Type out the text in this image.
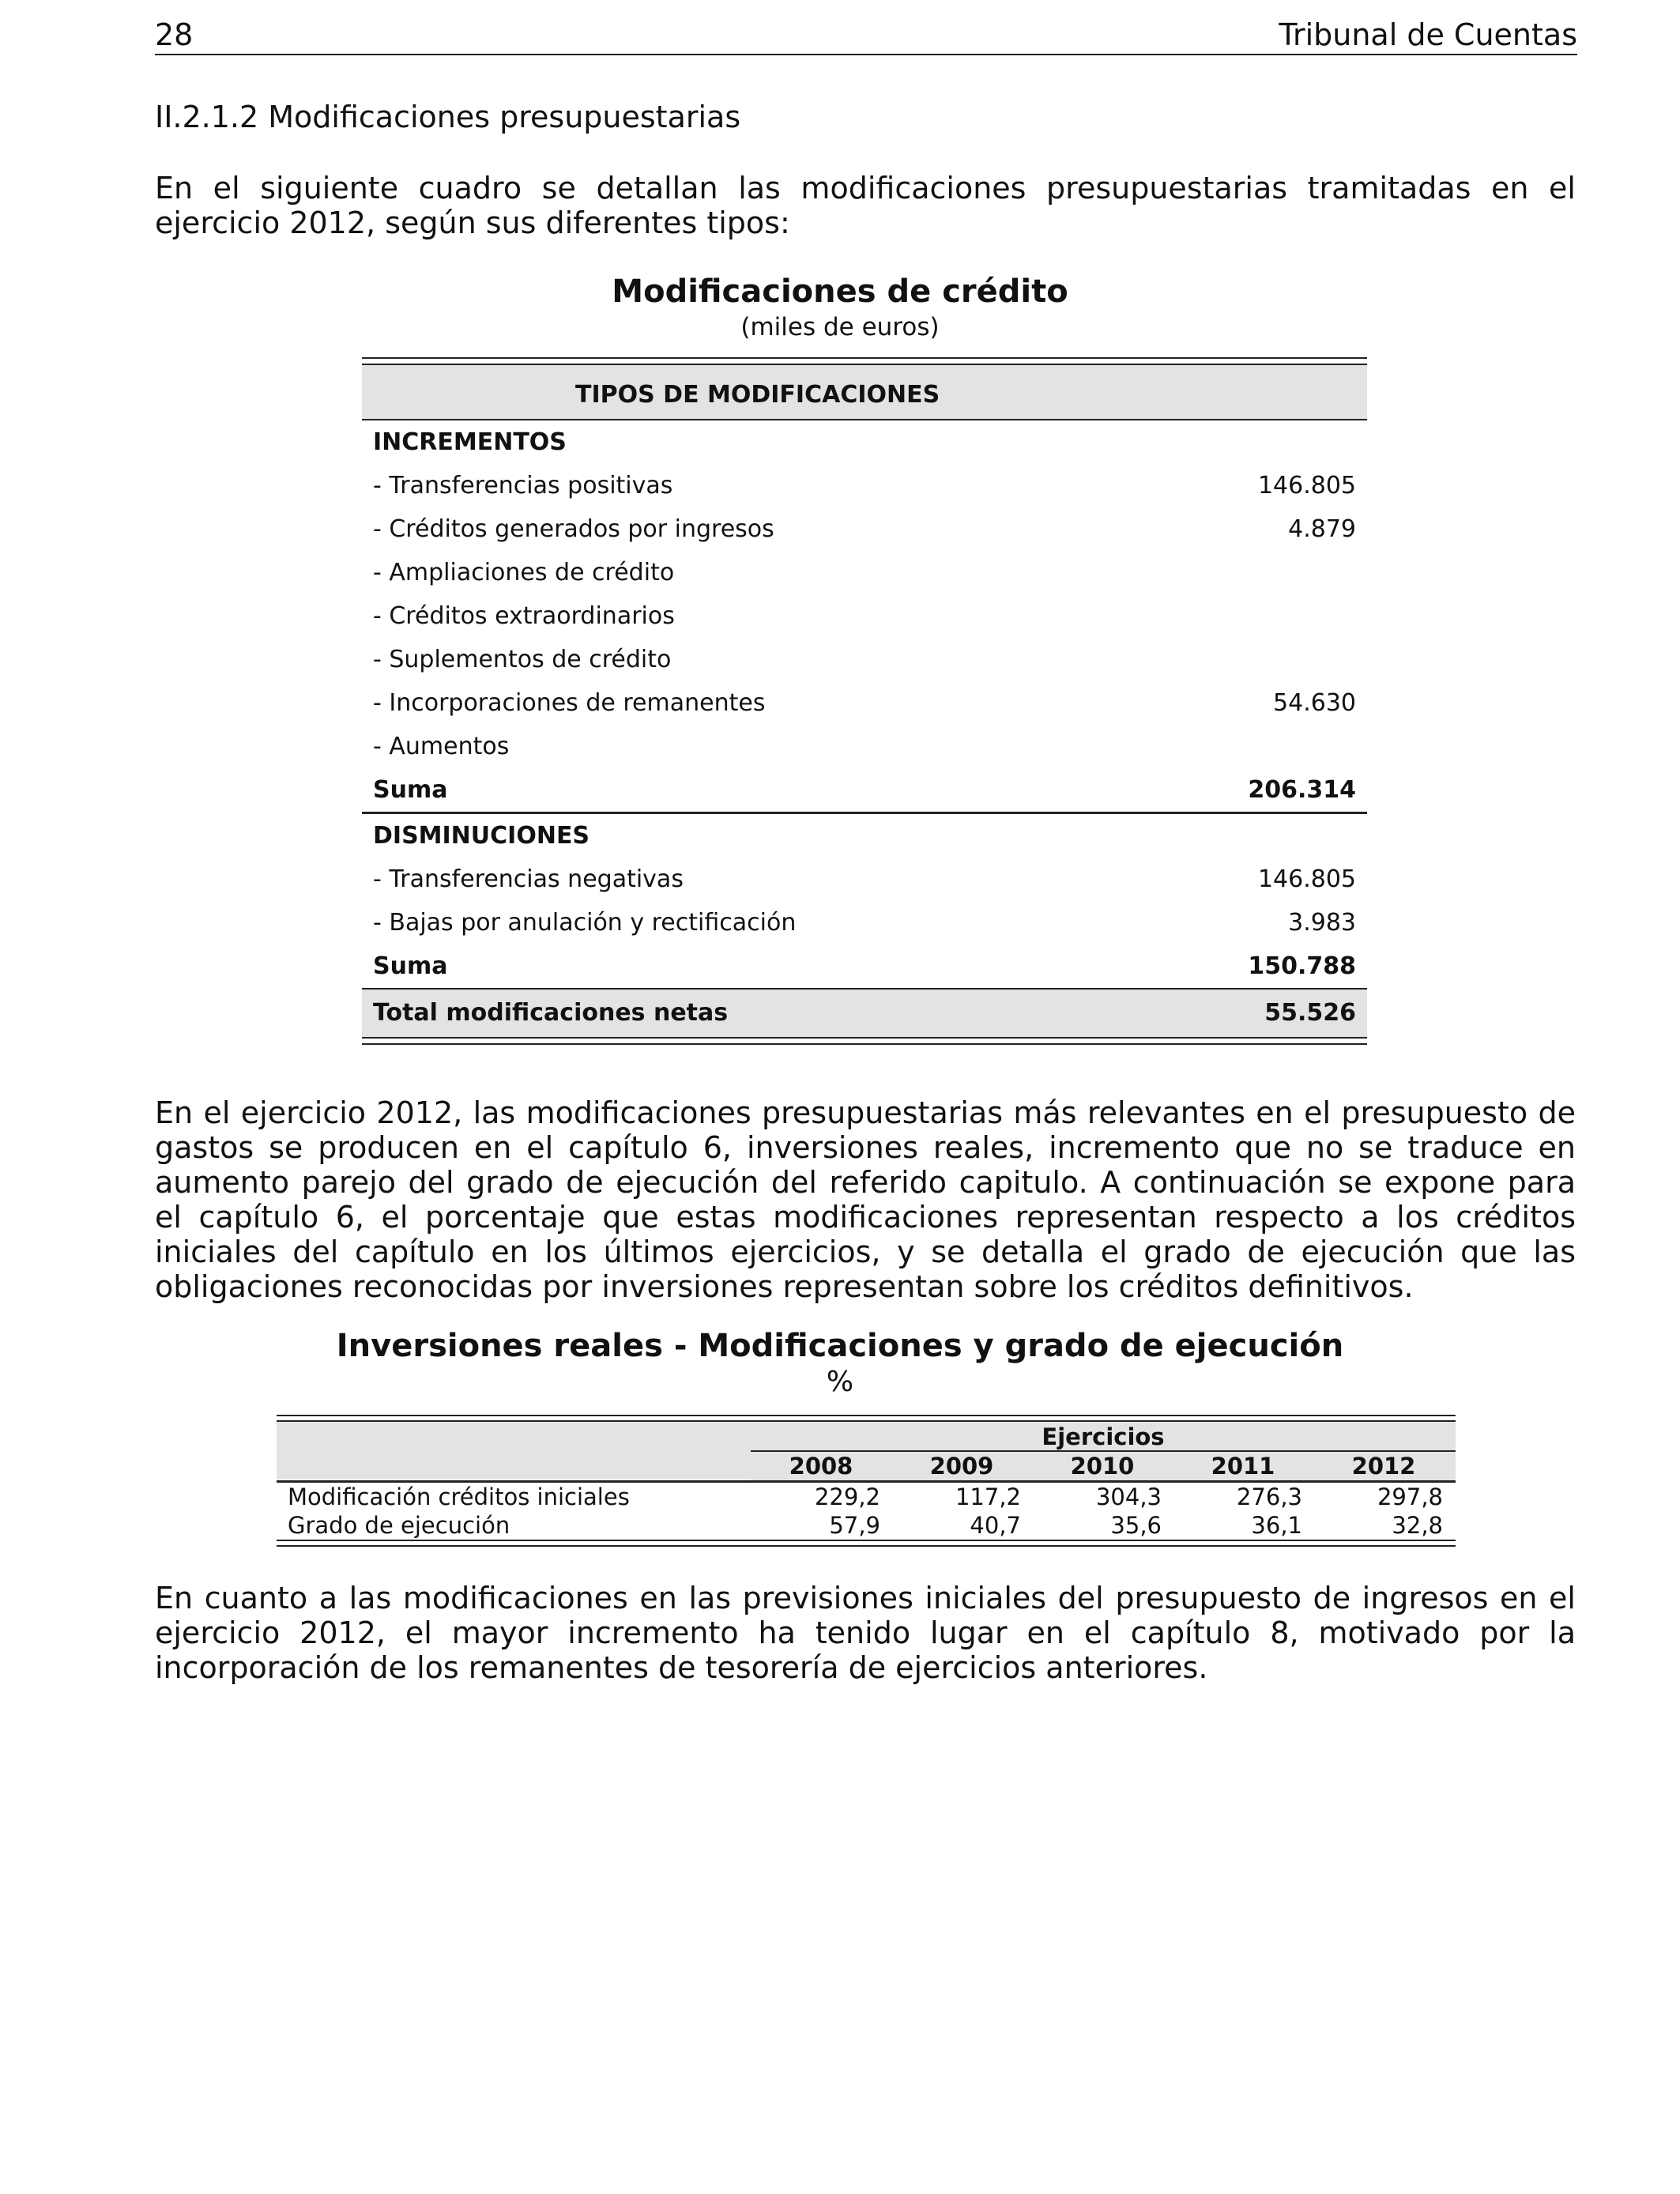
28	Tribunal de Cuentas
II.2.1.2 Modificaciones presupuestarias
En el siguiente cuadro se detallan las modificaciones presupuestarias tramitadas en el ejercicio 2012, según sus diferentes tipos:
Modificaciones de crédito
(miles de euros)
TIPOS DE MODIFICACIONES
INCREMENTOS
- Transferencias positivas	146.805
- Créditos generados por ingresos	4.879
- Ampliaciones de crédito
- Créditos extraordinarios
- Suplementos de crédito
- Incorporaciones de remanentes	54.630
- Aumentos
Suma	206.314
DISMINUCIONES
- Transferencias negativas	146.805
- Bajas por anulación y rectificación	3.983
Suma	150.788
Total modificaciones netas	55.526
En el ejercicio 2012, las modificaciones presupuestarias más relevantes en el presupuesto de gastos se producen en el capítulo 6, inversiones reales, incremento que no se traduce en aumento parejo del grado de ejecución del referido capitulo. A continuación se expone para el capítulo 6, el porcentaje que estas modificaciones representan respecto a los créditos iniciales del capítulo en los últimos ejercicios, y se detalla el grado de ejecución que las obligaciones reconocidas por inversiones representan sobre los créditos definitivos.
Inversiones reales - Modificaciones y grado de ejecución
%
Ejercicios
2008	2009	2010	2011	2012
Modificación créditos iniciales	229,2	117,2	304,3	276,3	297,8
Grado de ejecución	57,9	40,7	35,6	36,1	32,8
En cuanto a las modificaciones en las previsiones iniciales del presupuesto de ingresos en el ejercicio 2012, el mayor incremento ha tenido lugar en el capítulo 8, motivado por la incorporación de los remanentes de tesorería de ejercicios anteriores.
